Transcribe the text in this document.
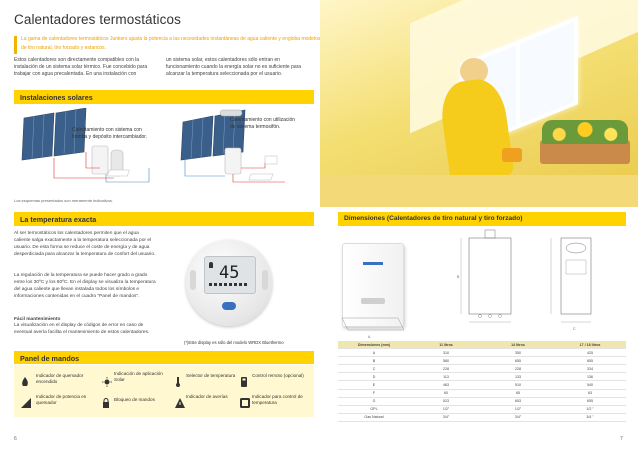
Calentadores termostáticos
La gama de calentadores termostáticos Junkers ajusta la potencia a las necesidades instantáneas de agua caliente y engloba modelos de tiro natural, tiro forzado y estancos.
Estos calentadores son directamente compatibles con la instalación de un sistema solar térmico. Fue concebido para trabajar con agua precalentada. En una instalación con
un sistema solar, estos calentadores sólo entran en funcionamiento cuando la energía solar no es suficiente para alcanzar la temperatura seleccionada por el usuario.
Instalaciones solares
Calentamiento con sistema con bomba y depósito intercambiador.
Calentamiento con utilización de sistema termosifón.
Los esquemas presentados son meramente indicativos.
La temperatura exacta
Al ser termostáticos los calentadores permiten que el agua caliente salga exactamente a la temperatura seleccionada por el usuario. De esta forma se reduce el coste de energía y de agua desperdiciada para alcanzar la temperatura de confort del usuario.
La regulación de la temperatura se puede hacer grado a grado entre los 30ºC y los 60ºC. En el display se visualiza la temperatura del agua caliente que llevan instalada todos los símbolos e informaciones contenidas en el cuadro “Panel de mandos”.
Fácil mantenimiento
La visualización en el display de códigos de error en caso de eventual avería facilita el mantenimiento de estos calentadores.
45
(*)Este display es sólo del modelo WRDX Bluethermo
Panel de mandos
Indicador de quemador encendido
Indicación de aplicación Solar
Selector de temperatura	Control remoto (opcional)
Indicador de potencia en quemador
Bloqueo de mandos
Indicador de averías	Indicador para control de temperatura
6
Dimensiones (Calentadores de tiro natural y tiro forzado)
A
B
C
Dimensiones (mm)	11 litros	14 litros	17 / 18 litros
A	310	350	425
B	580	655	655
C	228	228	334
D	113	133	136
E	463	510	540
F	60	65	63
G	523	653	655
GPL	1/2"	1/2"	1/2 "
Gas Natural	3/4"	3/4"	3/4 "
7
